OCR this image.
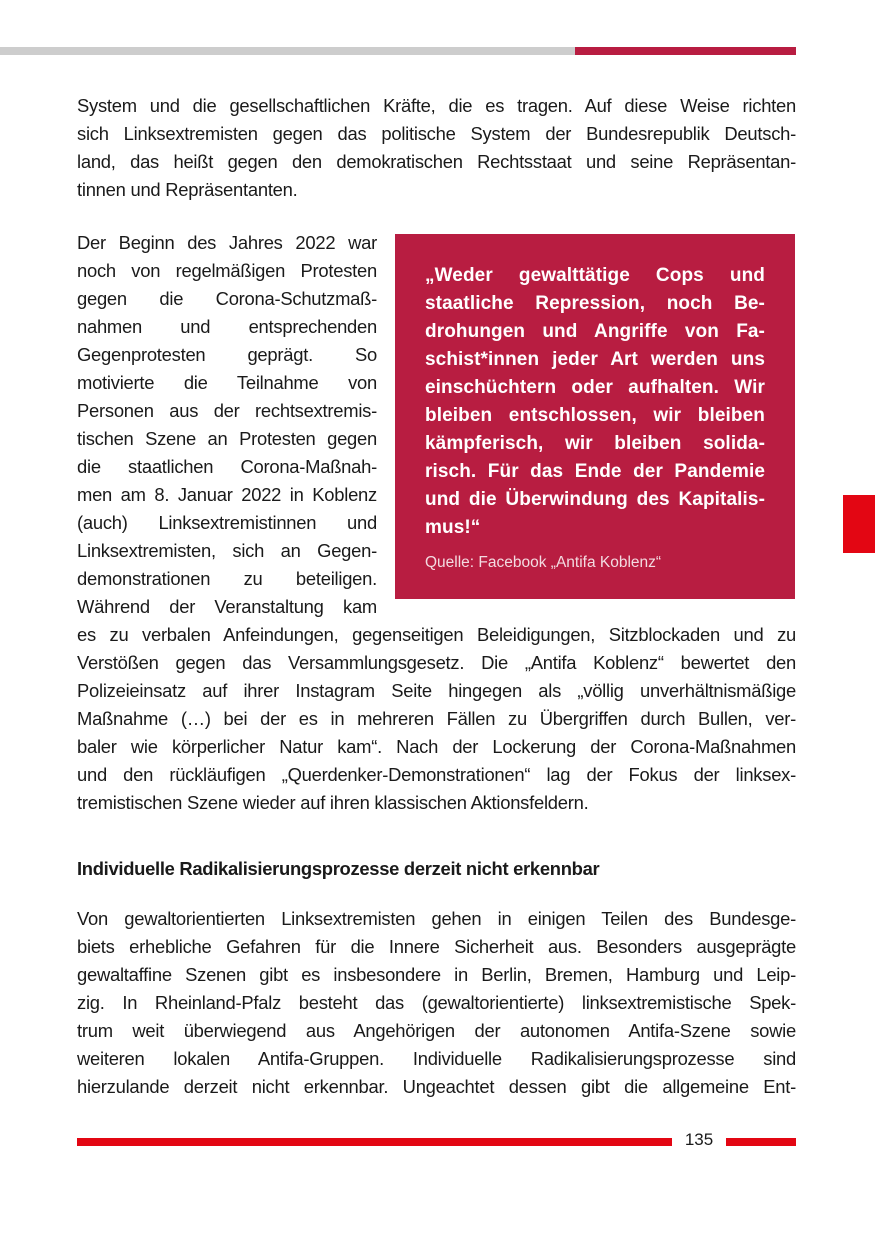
System und die gesellschaftlichen Kräfte, die es tragen. Auf diese Weise richten
sich Linksextremisten gegen das politische System der Bundesrepublik Deutsch-
land, das heißt gegen den demokratischen Rechtsstaat und seine Repräsentan-
tinnen und Repräsentanten.
Der Beginn des Jahres 2022 war
noch von regelmäßigen Protesten
gegen die Corona-Schutzmaß-
nahmen und entsprechenden
Gegenprotesten geprägt. So
motivierte die Teilnahme von
Personen aus der rechtsextremis-
tischen Szene an Protesten gegen
die staatlichen Corona-Maßnah-
men am 8. Januar 2022 in Koblenz
(auch) Linksextremistinnen und
Linksextremisten, sich an Gegen-
demonstrationen zu beteiligen.
Während der Veranstaltung kam
„Weder gewalttätige Cops und
staatliche Repression, noch Be-
drohungen und Angriffe von Fa-
schist*innen jeder Art werden uns
einschüchtern oder aufhalten. Wir
bleiben entschlossen, wir bleiben
kämpferisch, wir bleiben solida-
risch. Für das Ende der Pandemie
und die Überwindung des Kapitalis-
mus!“
Quelle: Facebook „Antifa Koblenz“
es zu verbalen Anfeindungen, gegenseitigen Beleidigungen, Sitzblockaden und zu
Verstößen gegen das Versammlungsgesetz. Die „Antifa Koblenz“ bewertet den
Polizeieinsatz auf ihrer Instagram Seite hingegen als „völlig unverhältnismäßige
Maßnahme (…) bei der es in mehreren Fällen zu Übergriffen durch Bullen, ver-
baler wie körperlicher Natur kam“. Nach der Lockerung der Corona-Maßnahmen
und den rückläufigen „Querdenker-Demonstrationen“ lag der Fokus der linksex-
tremistischen Szene wieder auf ihren klassischen Aktionsfeldern.
Individuelle Radikalisierungsprozesse derzeit nicht erkennbar
Von gewaltorientierten Linksextremisten gehen in einigen Teilen des Bundesge-
biets erhebliche Gefahren für die Innere Sicherheit aus. Besonders ausgeprägte
gewaltaffine Szenen gibt es insbesondere in Berlin, Bremen, Hamburg und Leip-
zig. In Rheinland-Pfalz besteht das (gewaltorientierte) linksextremistische Spek-
trum weit überwiegend aus Angehörigen der autonomen Antifa-Szene sowie
weiteren lokalen Antifa-Gruppen. Individuelle Radikalisierungsprozesse sind
hierzulande derzeit nicht erkennbar. Ungeachtet dessen gibt die allgemeine Ent-
135
